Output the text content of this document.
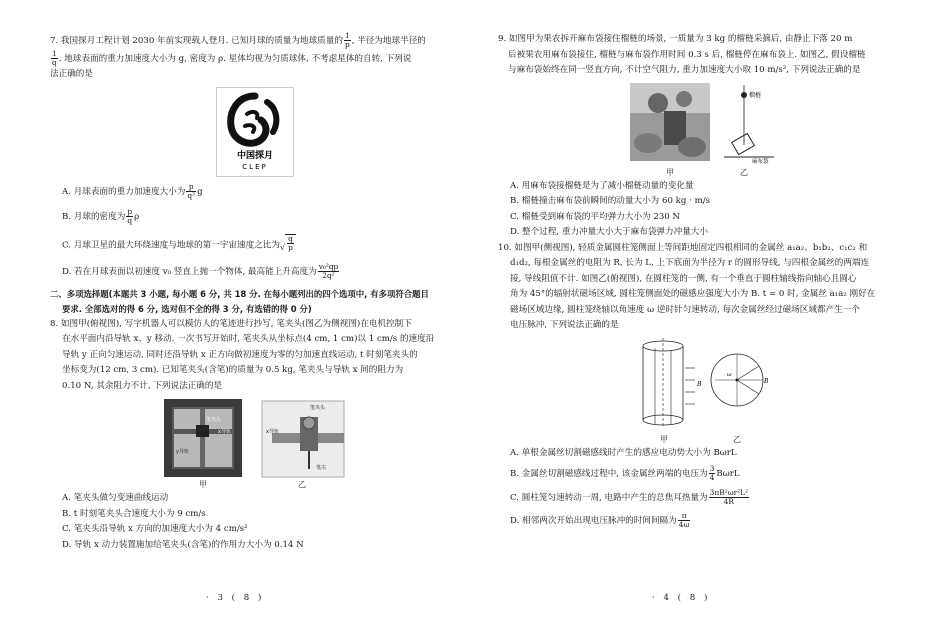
7. 我国探月工程计划 2030 年前实现载人登月. 已知月球的质量为地球质量的 $\frac{1}{p}$ , 半径为地球半径的

$\frac{1}{q}$ . 地球表面的重力加速度大小为 g, 密度为 ρ. 星体均视为匀质球体, 不考虑星体的自转, 下列说

法正确的是

中国探月
CLEP

A. 月球表面的重力加速度大小为 $\frac{p}{\text{q²}}$ g

B. 月球的密度为 $\frac{p}{q}$ ρ

C. 月球卫星的最大环绕速度与地球的第一宇宙速度之比为√
q
p

D. 若在月球表面以初速度 v₀ 竖直上抛一个物体, 最高能上升高度为 $\frac{\text{v₀²qp}}{\text{2q²}}$

二、多项选择题(本题共 3 小题, 每小题 6 分, 共 18 分. 在每小题列出的四个选项中, 有多项符合题目

要求. 全部选对的得 6 分, 选对但不全的得 3 分, 有选错的得 0 分)

8. 如图甲(俯视图), 写字机器人可以模仿人的笔迹进行抄写, 笔夹头(图乙为侧视图)在电机控制下

在水平面内沿导轨 x、y 移动. 一次书写开始时, 笔夹头从坐标点(4 cm, 1 cm)以 1 cm/s 的速度沿

导轨 y 正向匀速运动, 同时还沿导轨 x 正方向做初速度为零的匀加速直线运动, t 时刻笔夹头的

坐标变为(12 cm, 3 cm). 已知笔夹头(含笔)的质量为 0.5 kg, 笔夹头与导轨 x 间的阻力为

0.10 N, 其余阻力不计, 下列说法正确的是

笔夹头
x导轨
y导轨
笔夹头
x导轨
笔尖
甲	乙

A. 笔夹头做匀变速曲线运动

B. t 时刻笔夹头合速度大小为 9 cm/s

C. 笔夹头沿导轨 x 方向的加速度大小为 4 cm/s²

D. 导轨 x 动力装置施加给笔夹头(含笔)的作用力大小为 0.14 N

9. 如图甲为果农拆开麻布袋接住榴梿的场景, 一质量为 3 kg 的榴梿采摘后, 由静止下落 20 m

后被果农用麻布袋接住, 榴梿与麻布袋作用时间 0.3 s 后, 榴梿停在麻布袋上. 如图乙, 假设榴梿

与麻布袋始终在同一竖直方向, 不计空气阻力, 重力加速度大小取 10 m/s², 下列说法正确的是

榴梿
麻布袋
甲	乙

A. 用麻布袋接榴梿是为了减小榴梿动量的变化量

B. 榴梿撞击麻布袋前瞬间的动量大小为 60 kg · m/s

C. 榴梿受到麻布袋的平均弹力大小为 230 N

D. 整个过程, 重力冲量大小大于麻布袋弹力冲量大小

10. 如图甲(侧视图), 轻质金属圆柱笼侧面上等间距地固定四根相同的金属丝 a₁a₂、b₁b₂、c₁c₂ 和

d₁d₂, 每根金属丝的电阻为 R, 长为 L, 上下底面为半径为 r 的圆形导线, 与四根金属丝的两端连

接, 导线阻值不计. 如图乙(俯视图), 在圆柱笼的一侧, 有一个垂直于圆柱轴线指向轴心且圆心

角为 45°的辐射状磁场区域, 圆柱笼侧面处的磁感应强度大小为 B. t = 0 时, 金属丝 a₁a₂ 刚好在

磁场区域边缘, 圆柱笼绕轴以角速度 ω 逆时针匀速转动, 每次金属丝经过磁场区域都产生一个

电压脉冲, 下列说法正确的是

B
ω
B
甲	乙

A. 单根金属丝切割磁感线时产生的感应电动势大小为 BωrL

B. 金属丝切割磁感线过程中, 该金属丝两端的电压为 $\frac{3}{4}$ BωrL

C. 圆柱笼匀速转动一周, 电路中产生的总焦耳热量为 $\frac{\text{3πB²ωr²L²}}{4R}$

D. 相邻两次开始出现电压脉冲的时间间隔为 $\frac{\pi}{4\omega}$

· 3 ( 8 )	· 4 ( 8 )
